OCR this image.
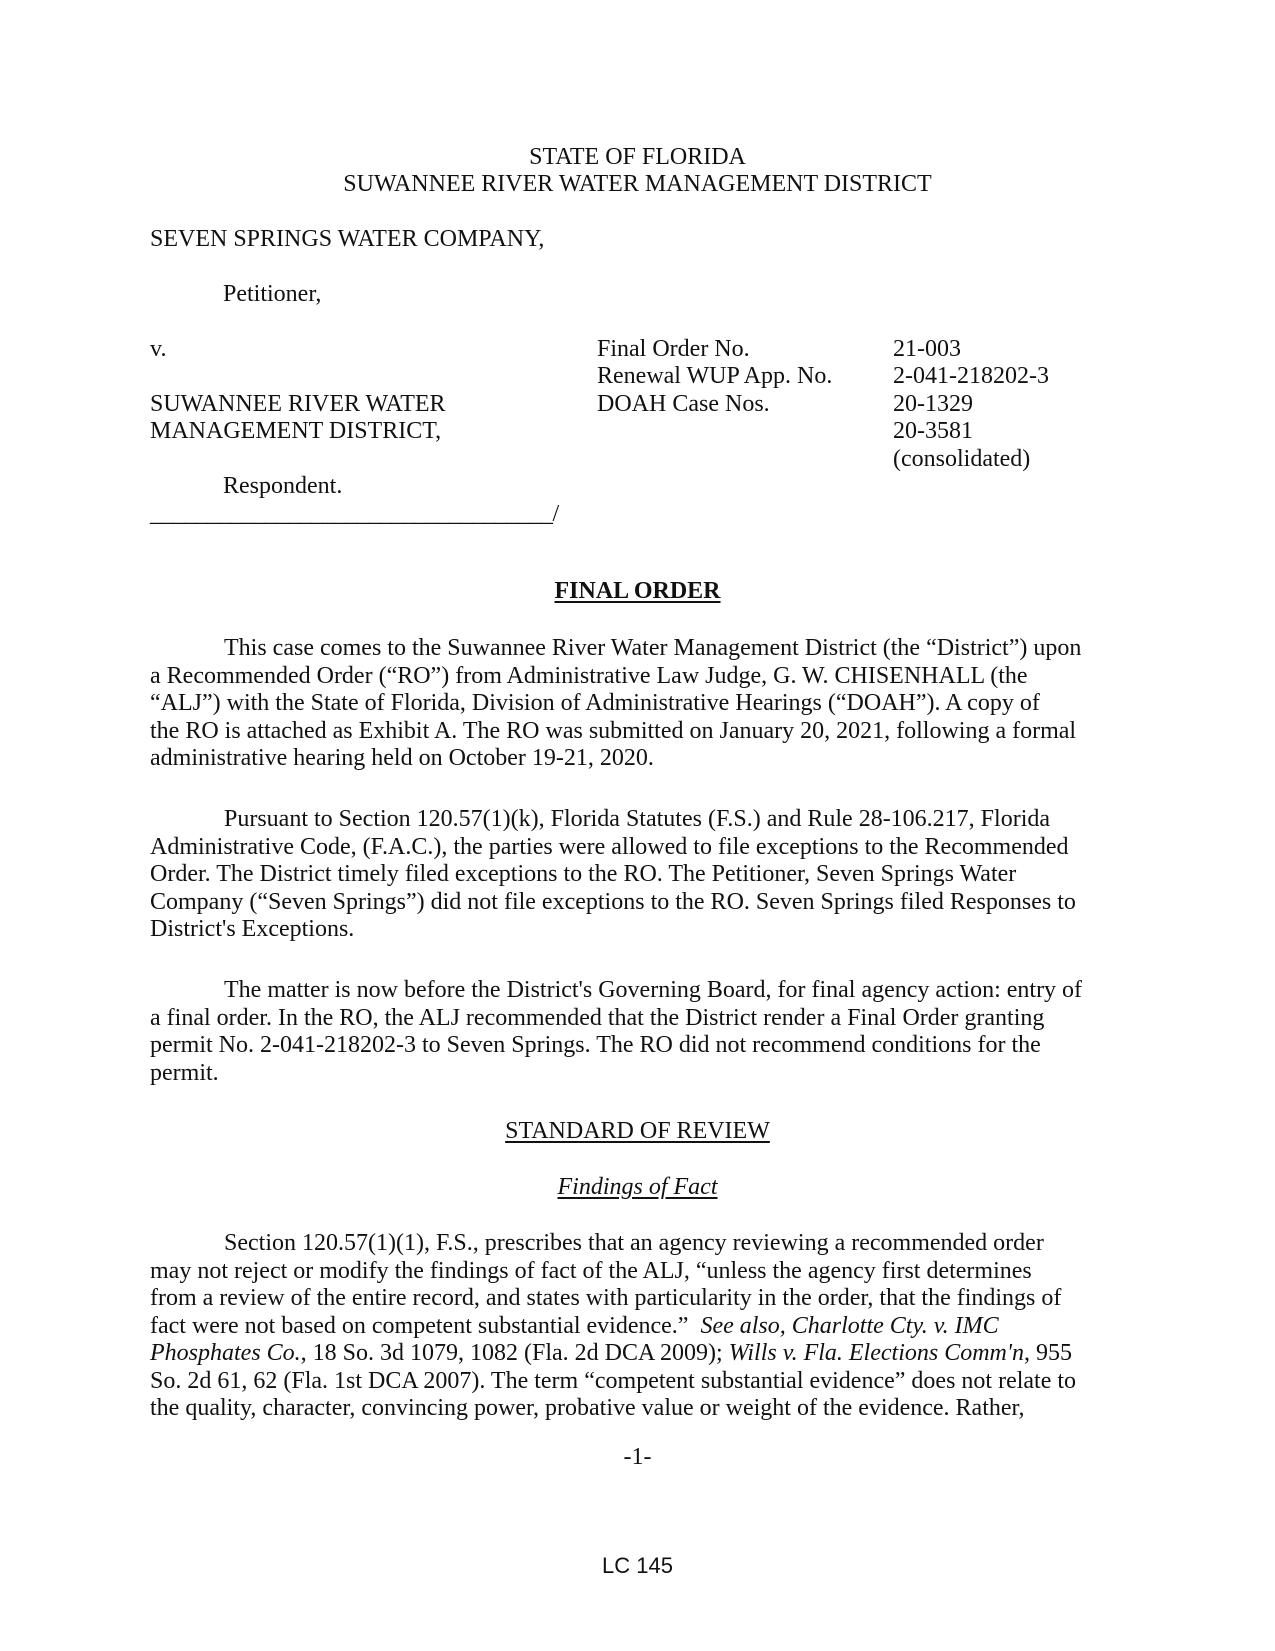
STATE OF FLORIDA
SUWANNEE RIVER WATER MANAGEMENT DISTRICT
SEVEN SPRINGS WATER COMPANY,
Petitioner,
v.
SUWANNEE RIVER WATER
MANAGEMENT DISTRICT,
Respondent.
___________________________________/
Final Order No.	21-003
Renewal WUP App. No.	2-041-218202-3
DOAH Case Nos.	20-1329
20-3581
(consolidated)
FINAL ORDER
This case comes to the Suwannee River Water Management District (the “District”) upon
a Recommended Order (“RO”) from Administrative Law Judge, G. W. CHISENHALL (the
“ALJ”) with the State of Florida, Division of Administrative Hearings (“DOAH”). A copy of
the RO is attached as Exhibit A. The RO was submitted on January 20, 2021, following a formal
administrative hearing held on October 19-21, 2020.
Pursuant to Section 120.57(1)(k), Florida Statutes (F.S.) and Rule 28-106.217, Florida
Administrative Code, (F.A.C.), the parties were allowed to file exceptions to the Recommended
Order. The District timely filed exceptions to the RO. The Petitioner, Seven Springs Water
Company (“Seven Springs”) did not file exceptions to the RO. Seven Springs filed Responses to
District's Exceptions.
The matter is now before the District's Governing Board, for final agency action: entry of
a final order. In the RO, the ALJ recommended that the District render a Final Order granting
permit No. 2-041-218202-3 to Seven Springs. The RO did not recommend conditions for the
permit.
STANDARD OF REVIEW
Findings of Fact
Section 120.57(1)(1), F.S., prescribes that an agency reviewing a recommended order
may not reject or modify the findings of fact of the ALJ, “unless the agency first determines
from a review of the entire record, and states with particularity in the order, that the findings of
fact were not based on competent substantial evidence.”  See also, Charlotte Cty. v. IMC
Phosphates Co., 18 So. 3d 1079, 1082 (Fla. 2d DCA 2009); Wills v. Fla. Elections Comm'n, 955
So. 2d 61, 62 (Fla. 1st DCA 2007). The term “competent substantial evidence” does not relate to
the quality, character, convincing power, probative value or weight of the evidence. Rather,
-1-
LC 145
